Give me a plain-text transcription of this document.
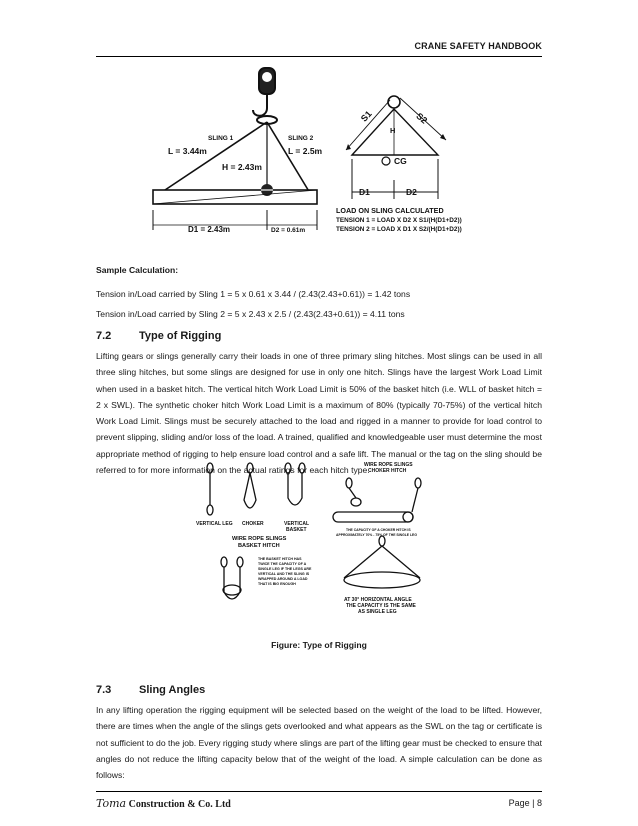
CRANE SAFETY HANDBOOK
SLING 1	SLING 2
L = 3.44m	L = 2.5m
H = 2.43m
D1 = 2.43m	D2 = 0.61m
S1	S2
H
CG
D1	D2
LOAD ON SLING CALCULATED
TENSION 1 = LOAD X D2 X S1/(H(D1+D2))
TENSION 2 = LOAD X D1 X S2/(H(D1+D2))

Sample Calculation:

Tension in/Load carried by Sling 1 = 5 x 0.61 x 3.44 / (2.43(2.43+0.61)) = 1.42 tons

Tension in/Load carried by Sling 2 = 5 x 2.43 x 2.5 / (2.43(2.43+0.61)) = 4.11 tons

7.2	Type of Rigging

Lifting gears or slings generally carry their loads in one of three primary sling hitches. Most slings can be used in all three sling hitches, but some slings are designed for use in only one hitch. Slings have the largest Work Load Limit when used in a basket hitch. The vertical hitch Work Load Limit is 50% of the basket hitch (i.e. WLL of basket hitch = 2 x SWL). The synthetic choker hitch Work Load Limit is a maximum of 80% (typically 70-75%) of the vertical hitch Work Load Limit. Slings must be securely attached to the load and rigged in a manner to provide for load control to prevent slipping, sliding and/or loss of the load. A trained, qualified and knowledgeable user must determine the most appropriate method of rigging to help ensure load control and a safe lift. The manual or the tag on the sling should be referred to for more information on the actual ratings for each hitch type.

VERTICAL LEG CHOKER	VERTICAL
BASKET
WIRE ROPE SLINGS
CHOKER HITCH
THE CAPACITY OF A CHOKER HITCH IS
APPROXIMATELY 70% - 75% OF THE SINGLE LEG
WIRE ROPE SLINGS
BASKET HITCH
THE BASKET HITCH HAS
TWICE THE CAPACITY OF A
SINGLE LEG IF THE LEGS ARE
VERTICAL AND THE SLING IS
WRAPPED AROUND A LOAD
THAT IS BIG ENOUGH
AT 30° HORIZONTAL ANGLE
THE CAPACITY IS THE SAME
AS SINGLE LEG
Figure: Type of Rigging
7.3	Sling Angles

In any lifting operation the rigging equipment will be selected based on the weight of the load to be lifted. However, there are times when the angle of the slings gets overlooked and what appears as the SWL on the tag or certificate is not sufficient to do the job. Every rigging study where slings are part of the lifting gear must be checked to ensure that angles do not reduce the lifting capacity below that of the weight of the load. A simple calculation can be done as follows:

Toma Construction & Co. Ltd	Page | 8
